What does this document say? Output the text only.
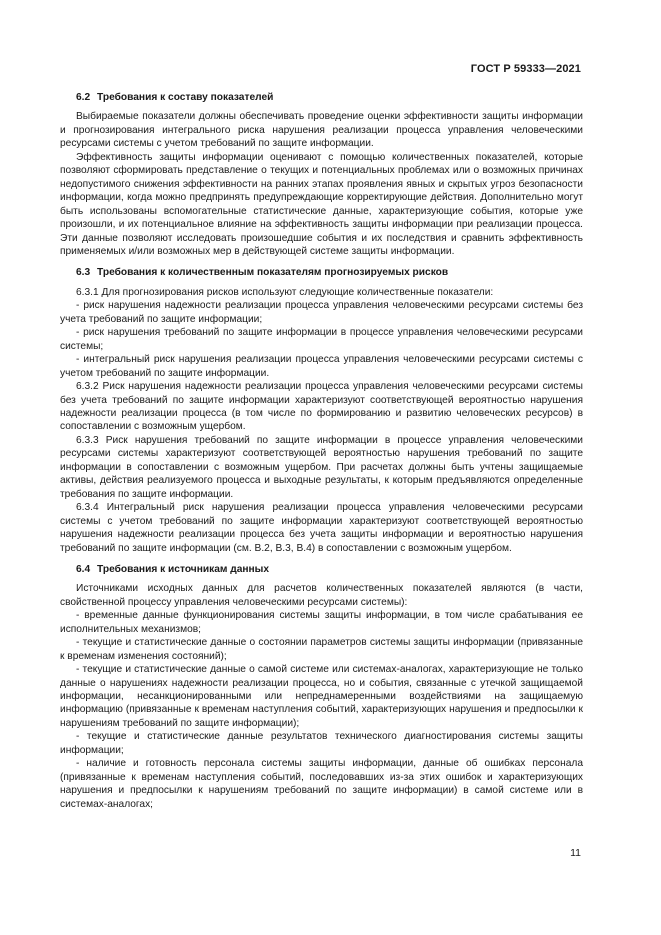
ГОСТ Р 59333—2021
6.2 Требования к составу показателей

Выбираемые показатели должны обеспечивать проведение оценки эффективности защиты информации и прогнозирования интегрального риска нарушения реализации процесса управления человеческими ресурсами системы с учетом требований по защите информации.

Эффективность защиты информации оценивают с помощью количественных показателей, которые позволяют сформировать представление о текущих и потенциальных проблемах или о возможных причинах недопустимого снижения эффективности на ранних этапах проявления явных и скрытых угроз безопасности информации, когда можно предпринять предупреждающие корректирующие действия. Дополнительно могут быть использованы вспомогательные статистические данные, характеризующие события, которые уже произошли, и их потенциальное влияние на эффективность защиты информации при реализации процесса. Эти данные позволяют исследовать произошедшие события и их последствия и сравнить эффективность применяемых и/или возможных мер в действующей системе защиты информации.

6.3 Требования к количественным показателям прогнозируемых рисков

6.3.1 Для прогнозирования рисков используют следующие количественные показатели:

- риск нарушения надежности реализации процесса управления человеческими ресурсами системы без учета требований по защите информации;

- риск нарушения требований по защите информации в процессе управления человеческими ресурсами системы;

- интегральный риск нарушения реализации процесса управления человеческими ресурсами системы с учетом требований по защите информации.

6.3.2 Риск нарушения надежности реализации процесса управления человеческими ресурсами системы без учета требований по защите информации характеризуют соответствующей вероятностью нарушения надежности реализации процесса (в том числе по формированию и развитию человеческих ресурсов) в сопоставлении с возможным ущербом.

6.3.3 Риск нарушения требований по защите информации в процессе управления человеческими ресурсами системы характеризуют соответствующей вероятностью нарушения требований по защите информации в сопоставлении с возможным ущербом. При расчетах должны быть учтены защищаемые активы, действия реализуемого процесса и выходные результаты, к которым предъявляются определенные требования по защите информации.

6.3.4 Интегральный риск нарушения реализации процесса управления человеческими ресурсами системы с учетом требований по защите информации характеризуют соответствующей вероятностью нарушения надежности реализации процесса без учета защиты информации и вероятностью нарушения требований по защите информации (см. В.2, В.3, В.4) в сопоставлении с возможным ущербом.

6.4 Требования к источникам данных

Источниками исходных данных для расчетов количественных показателей являются (в части, свойственной процессу управления человеческими ресурсами системы):

- временные данные функционирования системы защиты информации, в том числе срабатывания ее исполнительных механизмов;

- текущие и статистические данные о состоянии параметров системы защиты информации (привязанные к временам изменения состояний);

- текущие и статистические данные о самой системе или системах-аналогах, характеризующие не только данные о нарушениях надежности реализации процесса, но и события, связанные с утечкой защищаемой информации, несанкционированными или непреднамеренными воздействиями на защищаемую информацию (привязанные к временам наступления событий, характеризующих нарушения и предпосылки к нарушениям требований по защите информации);

- текущие и статистические данные результатов технического диагностирования системы защиты информации;

- наличие и готовность персонала системы защиты информации, данные об ошибках персонала (привязанные к временам наступления событий, последовавших из-за этих ошибок и характеризующих нарушения и предпосылки к нарушениям требований по защите информации) в самой системе или в системах-аналогах;

11
